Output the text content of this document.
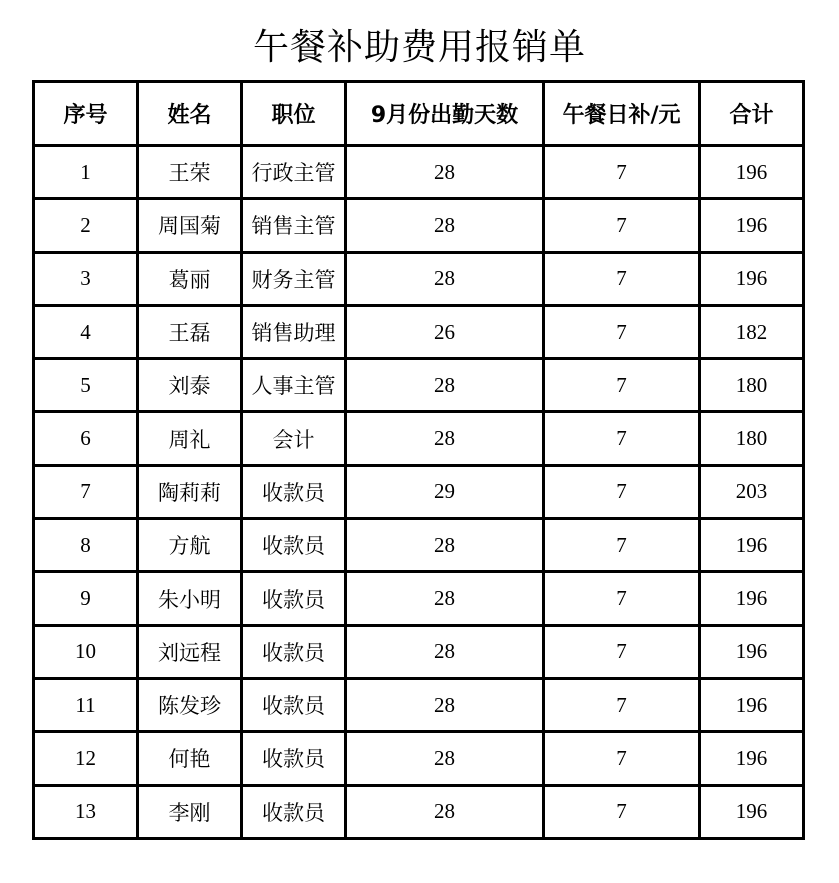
午餐补助费用报销单
序号	姓名	职位	9月份出勤天数	午餐日补/元	合计
1	王荣	行政主管	28	7	196
2	周国菊	销售主管	28	7	196
3	葛丽	财务主管	28	7	196
4	王磊	销售助理	26	7	182
5	刘泰	人事主管	28	7	180
6	周礼	会计	28	7	180
7	陶莉莉	收款员	29	7	203
8	方航	收款员	28	7	196
9	朱小明	收款员	28	7	196
10	刘远程	收款员	28	7	196
11	陈发珍	收款员	28	7	196
12	何艳	收款员	28	7	196
13	李刚	收款员	28	7	196
